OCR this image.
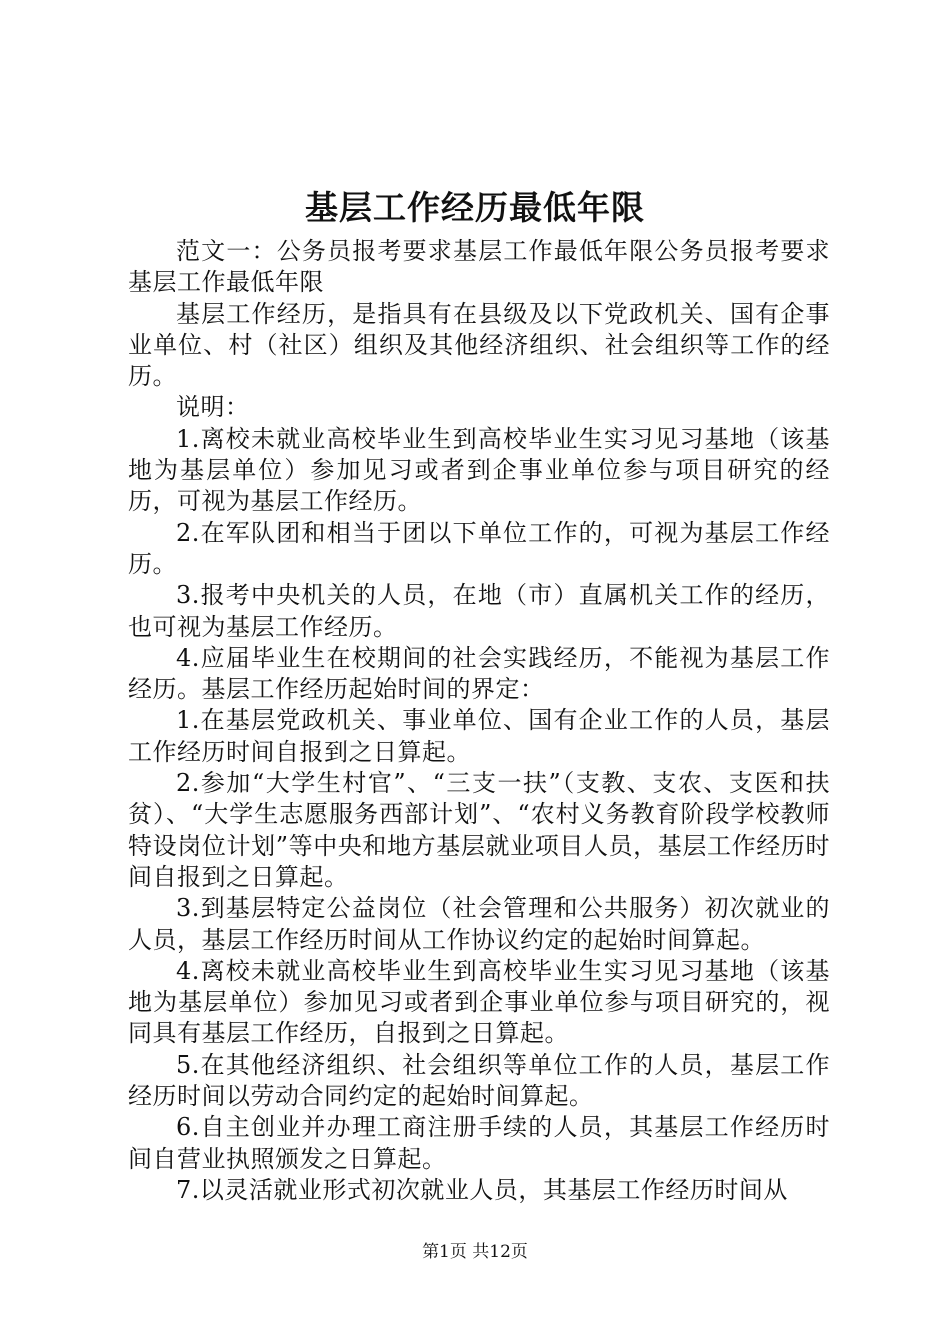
基层工作经历最低年限

范文一：公务员报考要求基层工作最低年限公务员报考要求基层工作最低年限

基层工作经历，是指具有在县级及以下党政机关、国有企事业单位、村（社区）组织及其他经济组织、社会组织等工作的经历。

说明：

1.离校未就业高校毕业生到高校毕业生实习见习基地（该基地为基层单位）参加见习或者到企事业单位参与项目研究的经历，可视为基层工作经历。

2.在军队团和相当于团以下单位工作的，可视为基层工作经历。

3.报考中央机关的人员，在地（市）直属机关工作的经历，也可视为基层工作经历。

4.应届毕业生在校期间的社会实践经历，不能视为基层工作经历。基层工作经历起始时间的界定：

1.在基层党政机关、事业单位、国有企业工作的人员，基层工作经历时间自报到之日算起。

2.参加“大学生村官”、“三支一扶”（支教、支农、支医和扶贫）、“大学生志愿服务西部计划”、“农村义务教育阶段学校教师特设岗位计划”等中央和地方基层就业项目人员，基层工作经历时间自报到之日算起。

3.到基层特定公益岗位（社会管理和公共服务）初次就业的人员，基层工作经历时间从工作协议约定的起始时间算起。

4.离校未就业高校毕业生到高校毕业生实习见习基地（该基地为基层单位）参加见习或者到企事业单位参与项目研究的，视同具有基层工作经历，自报到之日算起。

5.在其他经济组织、社会组织等单位工作的人员，基层工作经历时间以劳动合同约定的起始时间算起。

6.自主创业并办理工商注册手续的人员，其基层工作经历时间自营业执照颁发之日算起。

7.以灵活就业形式初次就业人员，其基层工作经历时间从

第1页 共12页
